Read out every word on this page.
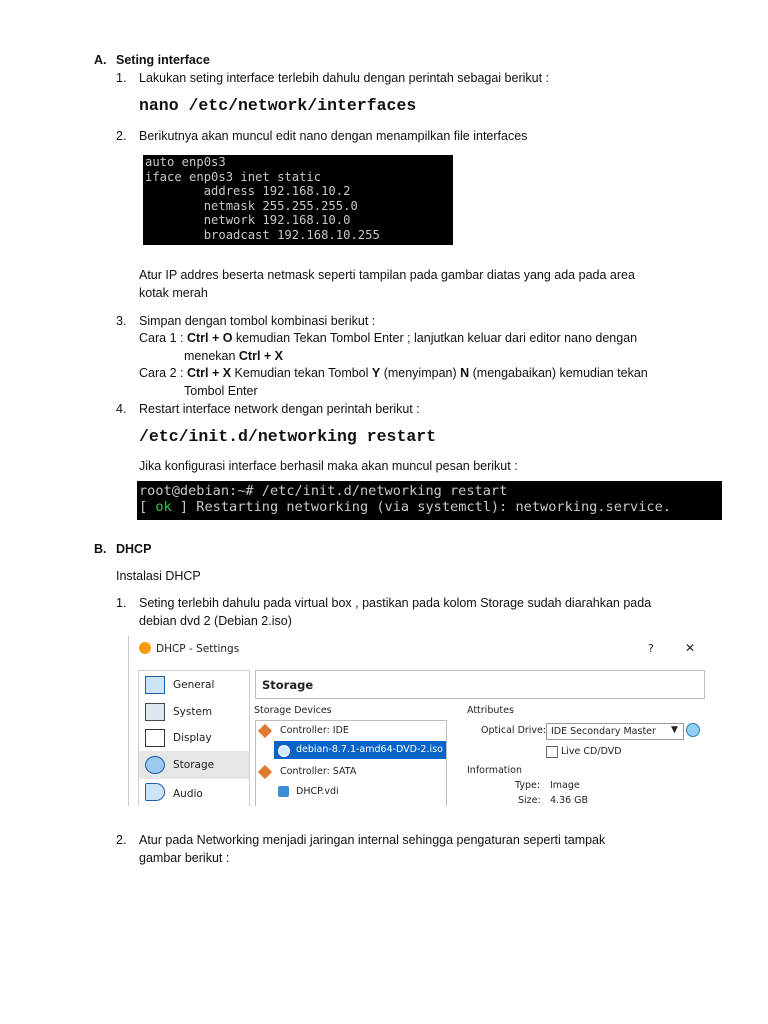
A. Seting interface
1. Lakukan seting interface terlebih dahulu dengan perintah sebagai berikut :
nano /etc/network/interfaces
2. Berikutnya akan muncul edit nano dengan menampilkan file interfaces
auto enp0s3
iface enp0s3 inet static
address 192.168.10.2
netmask 255.255.255.0
network 192.168.10.0
broadcast 192.168.10.255
Atur IP addres beserta netmask seperti tampilan pada gambar diatas yang ada pada area
kotak merah
3. Simpan dengan tombol kombinasi berikut :
Cara 1 : Ctrl + O kemudian Tekan Tombol Enter ; lanjutkan keluar dari editor nano dengan
menekan Ctrl + X
Cara 2 : Ctrl + X Kemudian tekan Tombol Y (menyimpan) N (mengabaikan) kemudian tekan
Tombol Enter
4. Restart interface network dengan perintah berikut :
/etc/init.d/networking restart
Jika konfigurasi interface berhasil maka akan muncul pesan berikut :
root@debian:~# /etc/init.d/networking restart
[ ok ] Restarting networking (via systemctl): networking.service.
B. DHCP
Instalasi DHCP
1. Seting terlebih dahulu pada virtual box , pastikan pada kolom Storage sudah diarahkan pada
debian dvd 2 (Debian 2.iso)
DHCP - Settings	?	✕
General
System
Display
Storage
Audio
Storage
Storage Devices
Controller: IDE
debian-8.7.1-amd64-DVD-2.iso
Controller: SATA
DHCP.vdi
Attributes
Optical Drive: IDE Secondary Master ▼
Live CD/DVD
Information
Type: Image
Size: 4.36 GB
2. Atur pada Networking menjadi jaringan internal sehingga pengaturan seperti tampak
gambar berikut :
